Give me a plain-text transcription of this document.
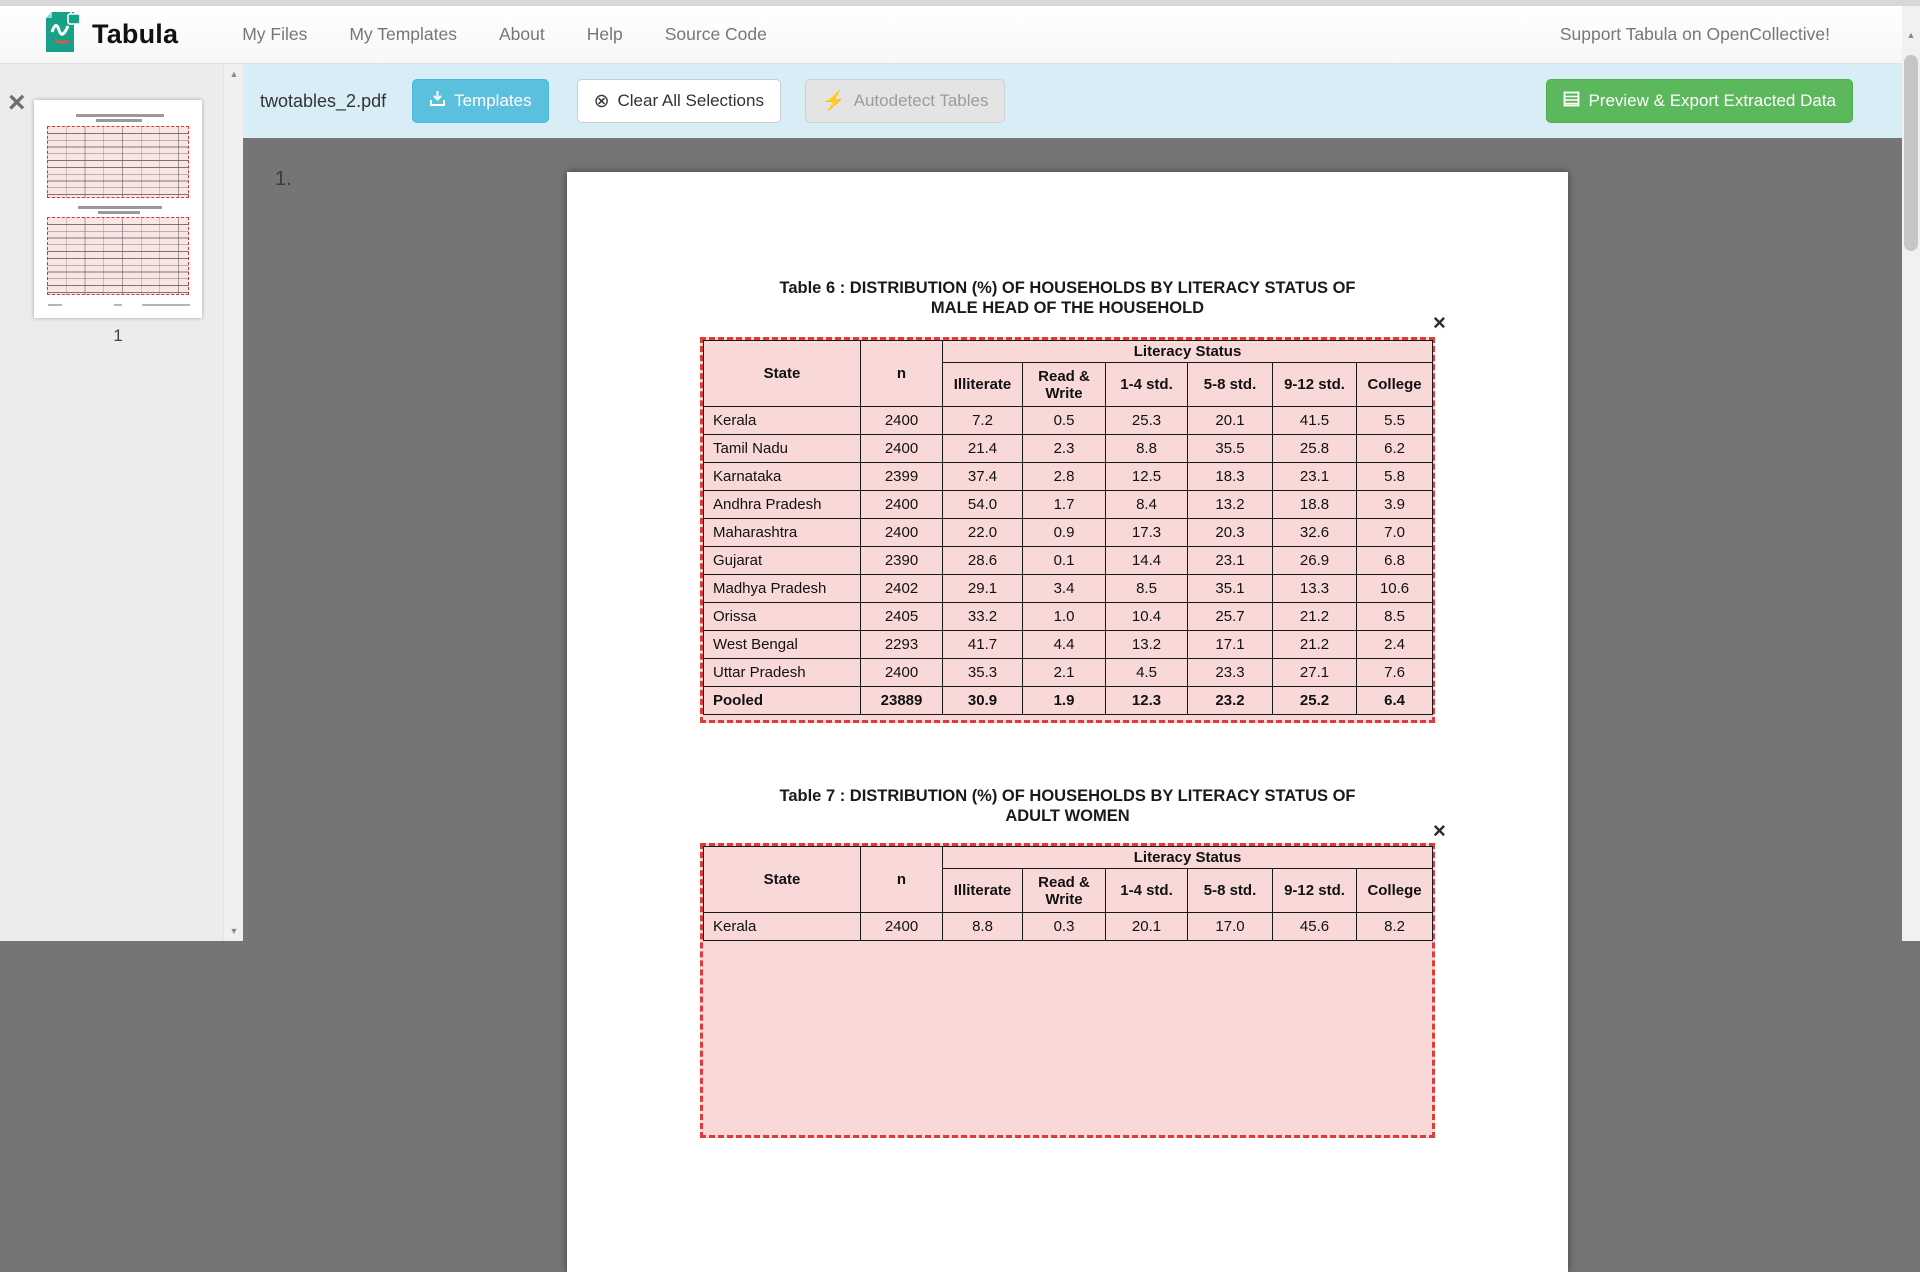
Tabula	My Files My Templates About Help Source Code	Support Tabula on OpenCollective!
twotables_2.pdf	Templates	⊗ Clear All Selections	⚡ Autodetect Tables	Preview & Export Extracted Data
×
1
▲
▼
1.
Table 6 : DISTRIBUTION (%) OF HOUSEHOLDS BY LITERACY STATUS OF
MALE HEAD OF THE HOUSEHOLD
×
State	n	Literacy Status					
		Illiterate	Read & Write	1-4 std.	5-8 std.	9-12 std.	College
Kerala	2400	7.2	0.5	25.3	20.1	41.5	5.5
Tamil Nadu	2400	21.4	2.3	8.8	35.5	25.8	6.2
Karnataka	2399	37.4	2.8	12.5	18.3	23.1	5.8
Andhra Pradesh	2400	54.0	1.7	8.4	13.2	18.8	3.9
Maharashtra	2400	22.0	0.9	17.3	20.3	32.6	7.0
Gujarat	2390	28.6	0.1	14.4	23.1	26.9	6.8
Madhya Pradesh	2402	29.1	3.4	8.5	35.1	13.3	10.6
Orissa	2405	33.2	1.0	10.4	25.7	21.2	8.5
West Bengal	2293	41.7	4.4	13.2	17.1	21.2	2.4
Uttar Pradesh	2400	35.3	2.1	4.5	23.3	27.1	7.6
Pooled	23889	30.9	1.9	12.3	23.2	25.2	6.4
Table 7 : DISTRIBUTION (%) OF HOUSEHOLDS BY LITERACY STATUS OF
ADULT WOMEN
×
State	n	Literacy Status					
		Illiterate	Read & Write	1-4 std.	5-8 std.	9-12 std.	College
Kerala	2400	8.8	0.3	20.1	17.0	45.6	8.2
▲
